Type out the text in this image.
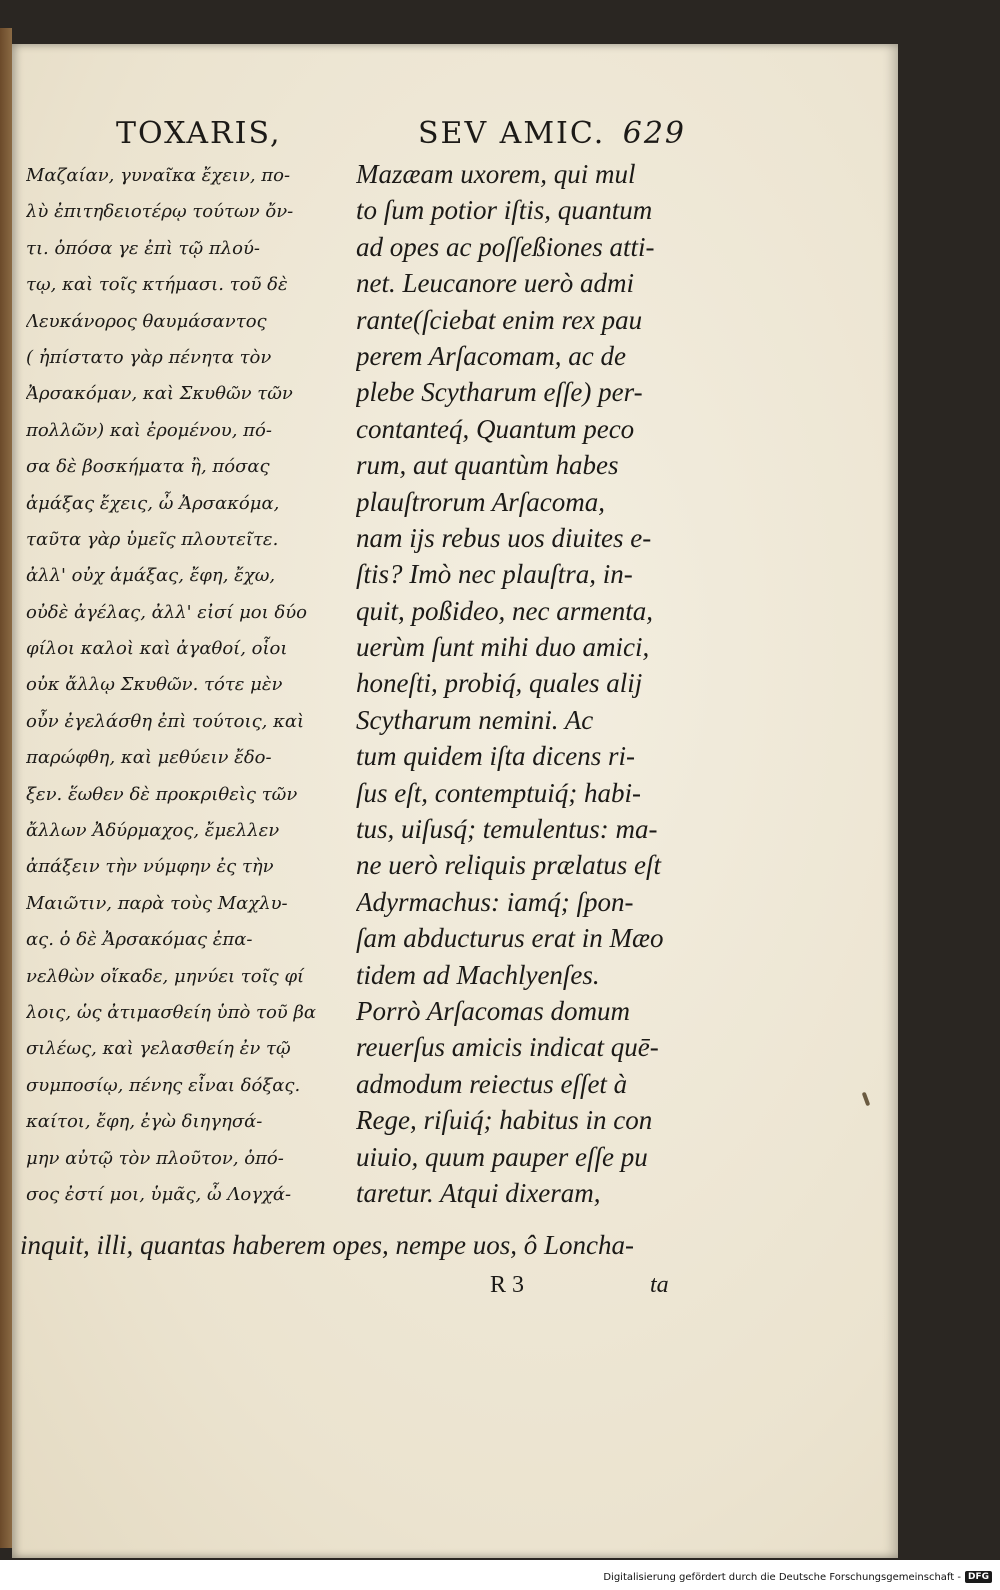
TOXARIS,	SEV AMIC. 629
Μαζαίαν, γυναῖκα ἔχειν, πο-
λὺ ἐπιτηδειοτέρῳ τούτων ὄν-
τι. ὁπόσα γε ἐπὶ τῷ πλού-
τῳ, καὶ τοῖς κτήμασι. τοῦ δὲ
Λευκάνορος θαυμάσαντος
( ἠπίστατο γὰρ πένητα τὸν
Ἀρσακόμαν, καὶ Σκυθῶν τῶν
πολλῶν) καὶ ἐρομένου, πό-
σα δὲ βοσκήματα ἢ, πόσας
ἁμάξας ἔχεις, ὦ Ἀρσακόμα,
ταῦτα γὰρ ὑμεῖς πλουτεῖτε.
ἀλλ' οὐχ ἁμάξας, ἔφη, ἔχω,
οὐδὲ ἀγέλας, ἀλλ' εἰσί μοι δύο
φίλοι καλοὶ καὶ ἀγαθοί, οἷοι
οὐκ ἄλλῳ Σκυθῶν. τότε μὲν
οὖν ἐγελάσθη ἐπὶ τούτοις, καὶ
παρώφθη, καὶ μεθύειν ἔδο-
ξεν. ἕωθεν δὲ προκριθεὶς τῶν
ἄλλων Ἀδύρμαχος, ἔμελλεν
ἀπάξειν τὴν νύμφην ἐς τὴν
Μαιῶτιν, παρὰ τοὺς Μαχλυ-
ας. ὁ δὲ Ἀρσακόμας ἐπα-
νελθὼν οἴκαδε, μηνύει τοῖς φί
λοις, ὡς ἀτιμασθείη ὑπὸ τοῦ βα
σιλέως, καὶ γελασθείη ἐν τῷ
συμποσίῳ, πένης εἶναι δόξας.
καίτοι, ἔφη, ἐγὼ διηγησά-
μην αὐτῷ τὸν πλοῦτον, ὁπό-
σος ἐστί μοι, ὑμᾶς, ὦ Λογχά-
Mazæam uxorem, qui mul
to ſum potior iſtis, quantum
ad opes ac poſſeßiones atti-
net. Leucanore uerò admi
rante(ſciebat enim rex pau
perem Arſacomam, ac de
plebe Scytharum eſſe) per-
contanteq́, Quantum peco
rum, aut quantùm habes
plauſtrorum Arſacoma,
nam ijs rebus uos diuites e-
ſtis? Imò nec plauſtra, in-
quit, poßideo, nec armenta,
uerùm ſunt mihi duo amici,
honeſti, probiq́, quales alij
Scytharum nemini. Ac
tum quidem iſta dicens ri-
ſus eſt, contemptuiq́; habi-
tus, uiſusq́; temulentus: ma-
ne uerò reliquis prælatus eſt
Adyrmachus: iamq́; ſpon-
ſam abducturus erat in Mæo
tidem ad Machlyenſes.
Porrò Arſacomas domum
reuerſus amicis indicat quē-
admodum reiectus eſſet à
Rege, riſuiq́; habitus in con
uiuio, quum pauper eſſe pu
taretur. Atqui dixeram,
inquit, illi, quantas haberem opes, nempe uos, ô Loncha-
R 3	ta
Digitalisierung gefördert durch die Deutsche Forschungsgemeinschaft - DFG
